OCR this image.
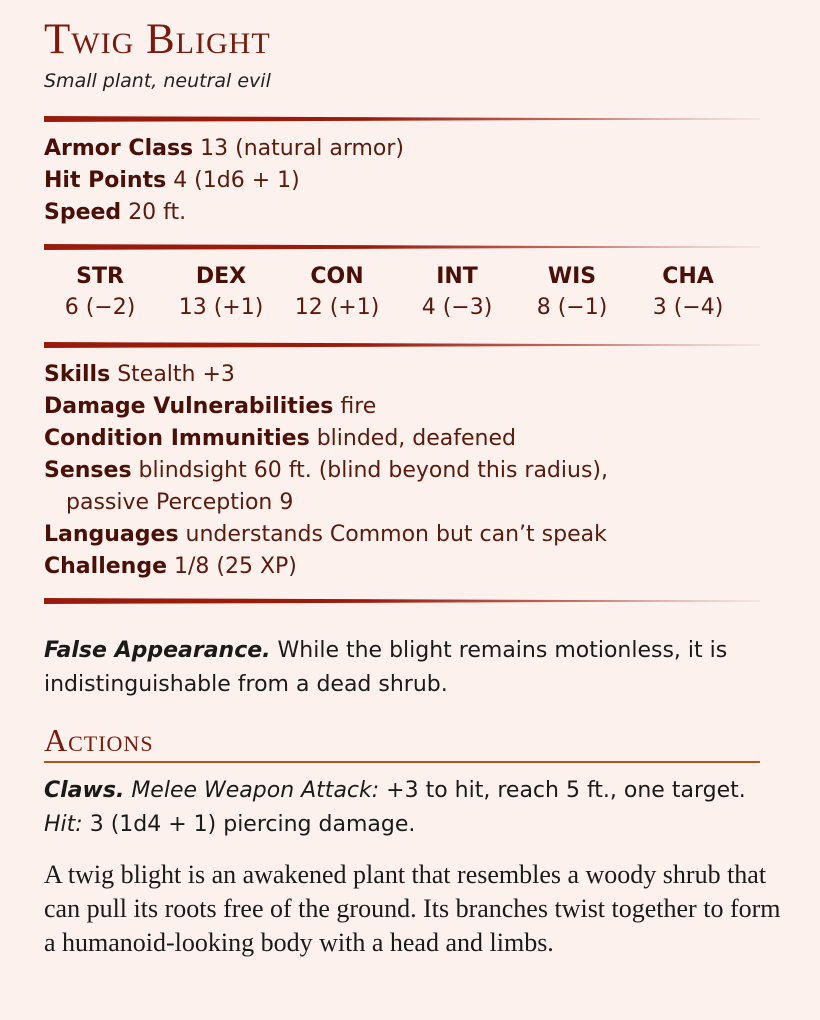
Twig Blight
Small plant, neutral evil
Armor Class 13 (natural armor)
Hit Points 4 (1d6 + 1)
Speed 20 ft.
STR
6 (−2)
DEX
13 (+1)
CON
12 (+1)
INT
4 (−3)
WIS
8 (−1)
CHA
3 (−4)
Skills Stealth +3
Damage Vulnerabilities fire
Condition Immunities blinded, deafened
Senses blindsight 60 ft. (blind beyond this radius),
passive Perception 9
Languages understands Common but can’t speak
Challenge 1/8 (25 XP)
False Appearance. While the blight remains motionless, it is indistinguishable from a dead shrub.
Actions
Claws. Melee Weapon Attack: +3 to hit, reach 5 ft., one target. Hit: 3 (1d4 + 1) piercing damage.
A twig blight is an awakened plant that resembles a woody shrub that can pull its roots free of the ground. Its branches twist together to form a humanoid-looking body with a head and limbs.
